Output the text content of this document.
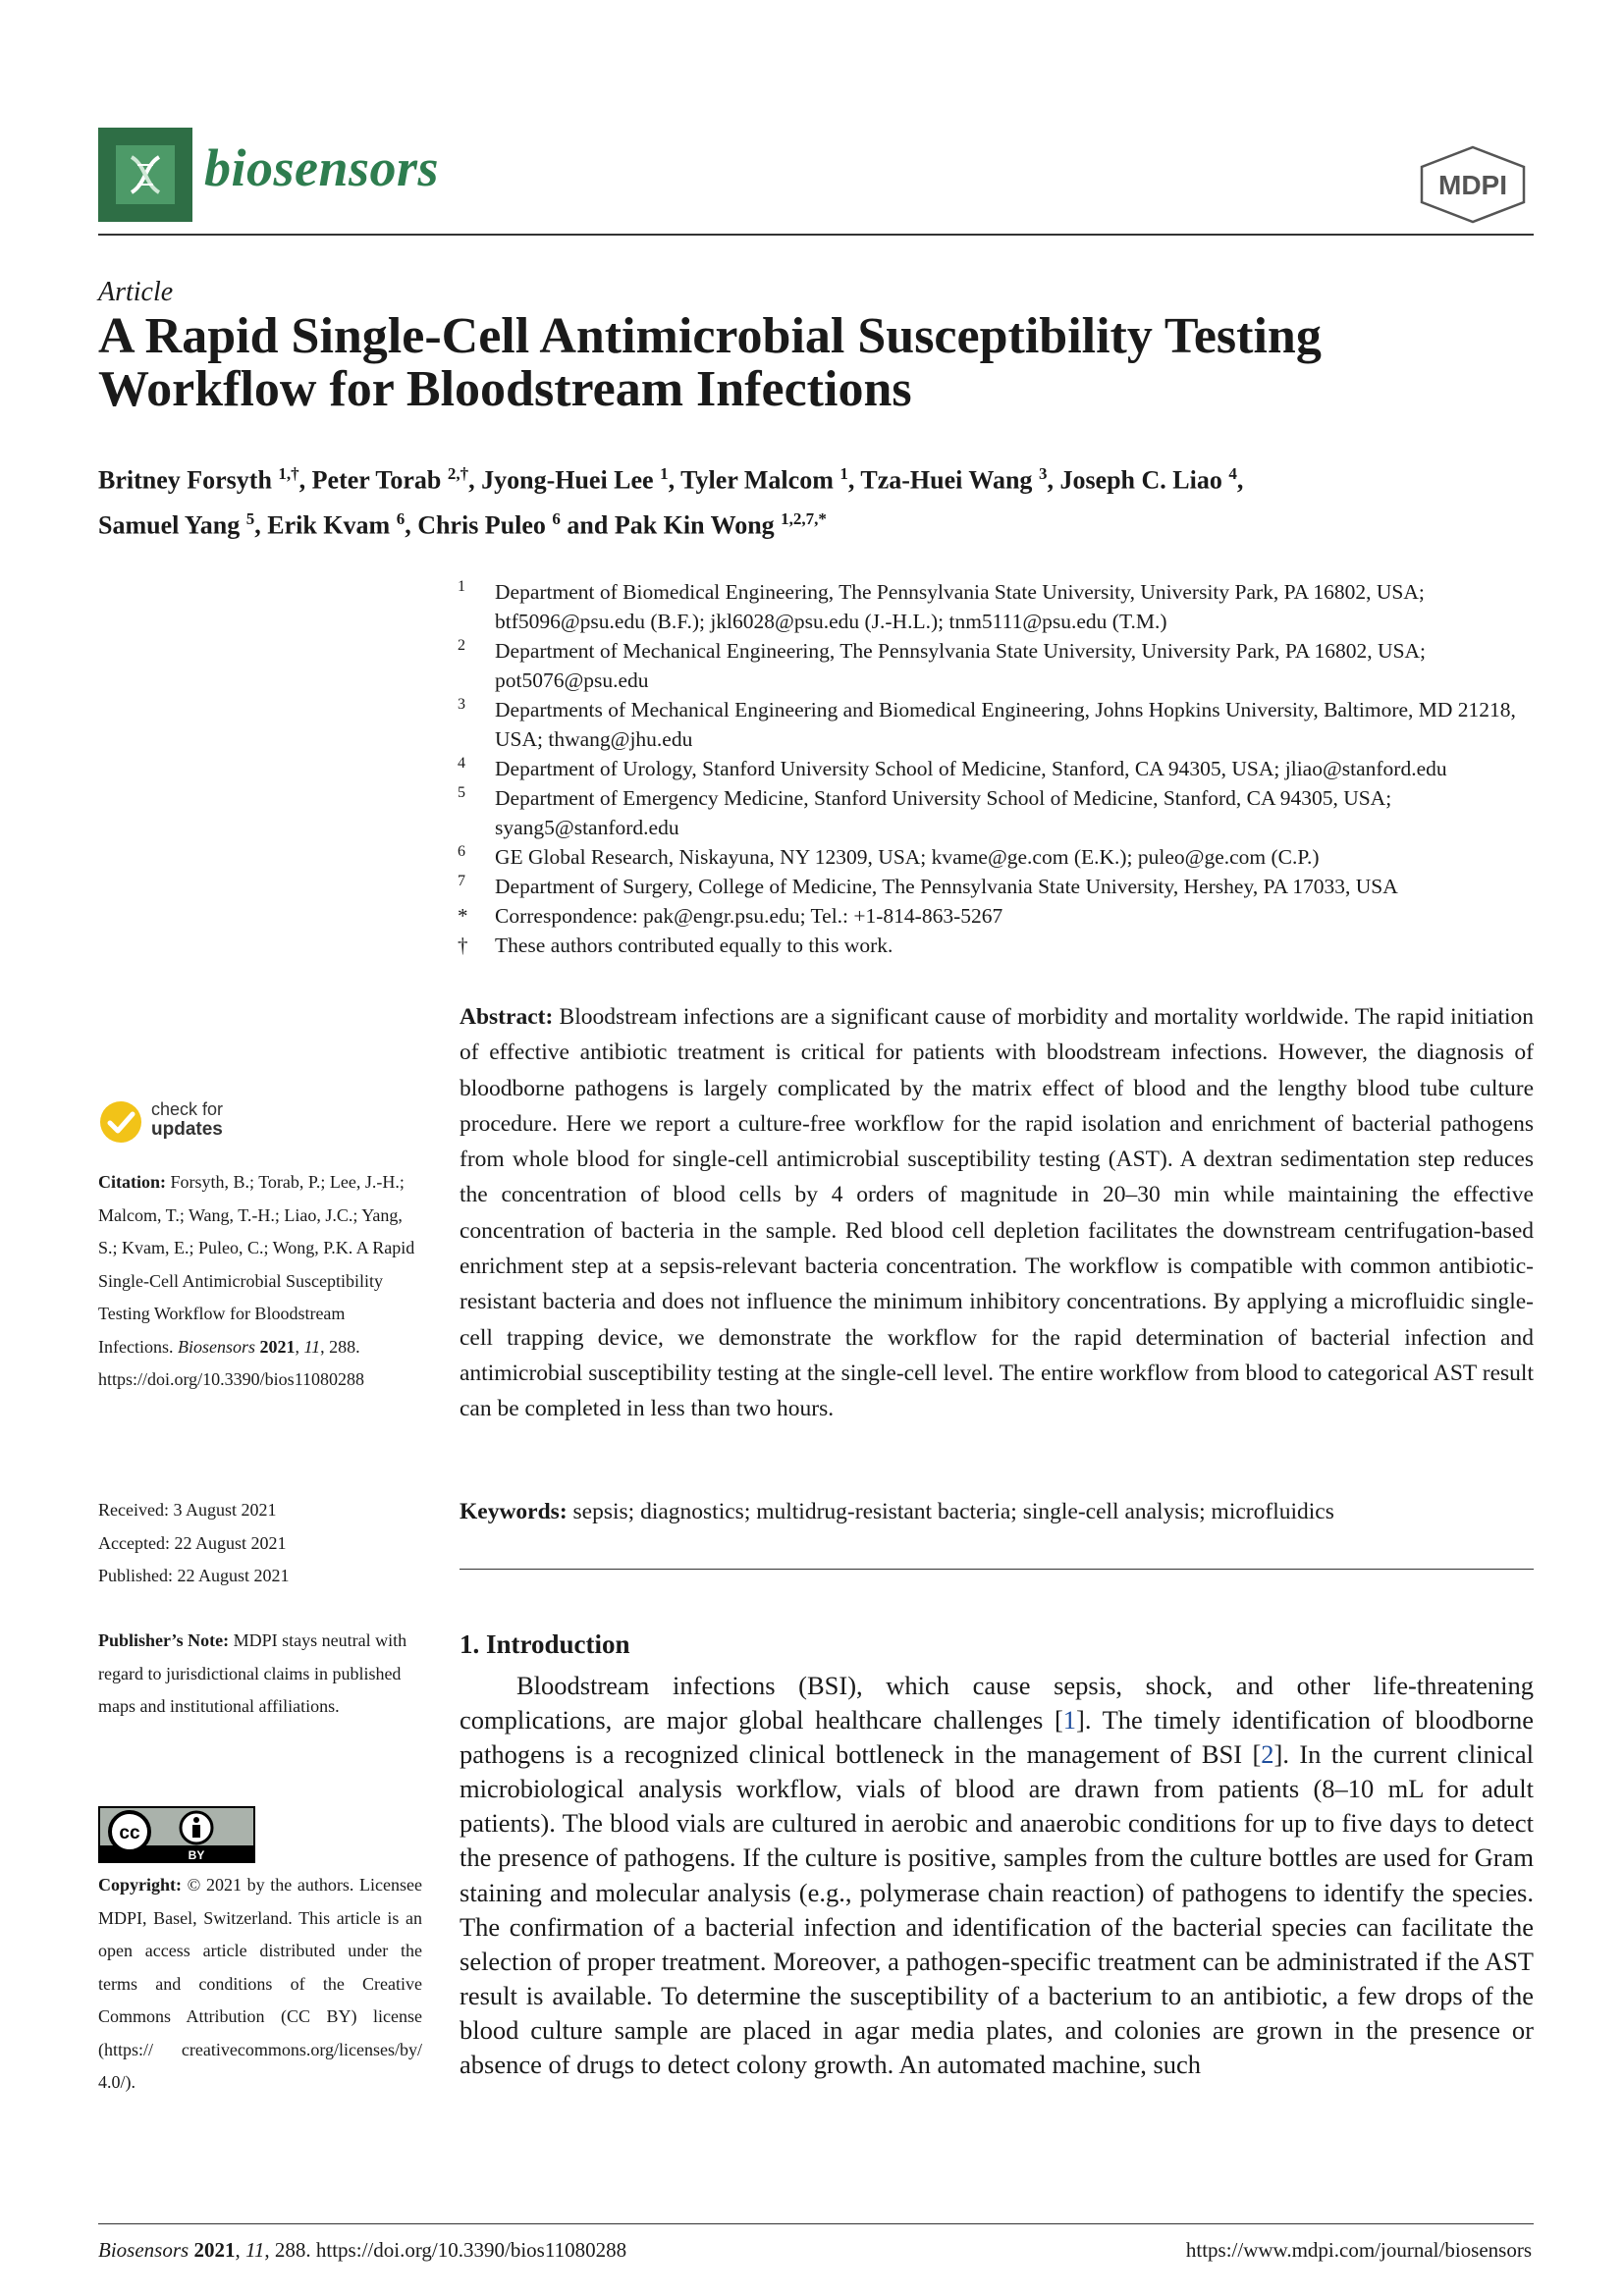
biosensors	MDPI
Article
A Rapid Single-Cell Antimicrobial Susceptibility Testing Workflow for Bloodstream Infections
Britney Forsyth $^{1,\dagger}$, Peter Torab $^{2,\dagger}$, Jyong-Huei Lee $^1$, Tyler Malcom $^1$, Tza-Huei Wang $^3$, Joseph C. Liao $^4$,
Samuel Yang $^5$, Erik Kvam $^6$, Chris Puleo $^6$ and Pak Kin Wong $^{1,2,7,*}$
1 Department of Biomedical Engineering, The Pennsylvania State University, University Park, PA 16802, USA; btf5096@psu.edu (B.F.); jkl6028@psu.edu (J.-H.L.); tnm5111@psu.edu (T.M.)
2 Department of Mechanical Engineering, The Pennsylvania State University, University Park, PA 16802, USA; pot5076@psu.edu
3 Departments of Mechanical Engineering and Biomedical Engineering, Johns Hopkins University, Baltimore, MD 21218, USA; thwang@jhu.edu
4 Department of Urology, Stanford University School of Medicine, Stanford, CA 94305, USA; jliao@stanford.edu
5 Department of Emergency Medicine, Stanford University School of Medicine, Stanford, CA 94305, USA; syang5@stanford.edu
6 GE Global Research, Niskayuna, NY 12309, USA; kvame@ge.com (E.K.); puleo@ge.com (C.P.)
7 Department of Surgery, College of Medicine, The Pennsylvania State University, Hershey, PA 17033, USA
* Correspondence: pak@engr.psu.edu; Tel.: +1-814-863-5267
† These authors contributed equally to this work.
Abstract: Bloodstream infections are a significant cause of morbidity and mortality worldwide. The rapid initiation of effective antibiotic treatment is critical for patients with bloodstream infections. However, the diagnosis of bloodborne pathogens is largely complicated by the matrix effect of blood and the lengthy blood tube culture procedure. Here we report a culture-free workflow for the rapid isolation and enrichment of bacterial pathogens from whole blood for single-cell antimicrobial susceptibility testing (AST). A dextran sedimentation step reduces the concentration of blood cells by 4 orders of magnitude in 20–30 min while maintaining the effective concentration of bacteria in the sample. Red blood cell depletion facilitates the downstream centrifugation-based enrichment step at a sepsis-relevant bacteria concentration. The workflow is compatible with common antibiotic-resistant bacteria and does not influence the minimum inhibitory concentrations. By applying a microfluidic single-cell trapping device, we demonstrate the workflow for the rapid determination of bacterial infection and antimicrobial susceptibility testing at the single-cell level. The entire workflow from blood to categorical AST result can be completed in less than two hours.
Keywords: sepsis; diagnostics; multidrug-resistant bacteria; single-cell analysis; microfluidics
1. Introduction

Bloodstream infections (BSI), which cause sepsis, shock, and other life-threatening complications, are major global healthcare challenges [1]. The timely identification of bloodborne pathogens is a recognized clinical bottleneck in the management of BSI [2]. In the current clinical microbiological analysis workflow, vials of blood are drawn from patients (8–10 mL for adult patients). The blood vials are cultured in aerobic and anaerobic conditions for up to five days to detect the presence of pathogens. If the culture is positive, samples from the culture bottles are used for Gram staining and molecular analysis (e.g., polymerase chain reaction) of pathogens to identify the species. The confirmation of a bacterial infection and identification of the bacterial species can facilitate the selection of proper treatment. Moreover, a pathogen-specific treatment can be administrated if the AST result is available. To determine the susceptibility of a bacterium to an antibiotic, a few drops of the blood culture sample are placed in agar media plates, and colonies are grown in the presence or absence of drugs to detect colony growth. An automated machine, such

check for
updates
Citation: Forsyth, B.; Torab, P.; Lee, J.-H.; Malcom, T.; Wang, T.-H.; Liao, J.C.; Yang, S.; Kvam, E.; Puleo, C.; Wong, P.K. A Rapid Single-Cell Antimicrobial Susceptibility Testing Workflow for Bloodstream Infections. Biosensors 2021, 11, 288. https://doi.org/10.3390/bios11080288
Received: 3 August 2021
Accepted: 22 August 2021
Published: 22 August 2021
Publisher’s Note: MDPI stays neutral with regard to jurisdictional claims in published maps and institutional affiliations.
cc
BY
Copyright: © 2021 by the authors. Licensee MDPI, Basel, Switzerland. This article is an open access article distributed under the terms and conditions of the Creative Commons Attribution (CC BY) license (https:// creativecommons.org/licenses/by/ 4.0/).
Biosensors 2021, 11, 288. https://doi.org/10.3390/bios11080288	https://www.mdpi.com/journal/biosensors
